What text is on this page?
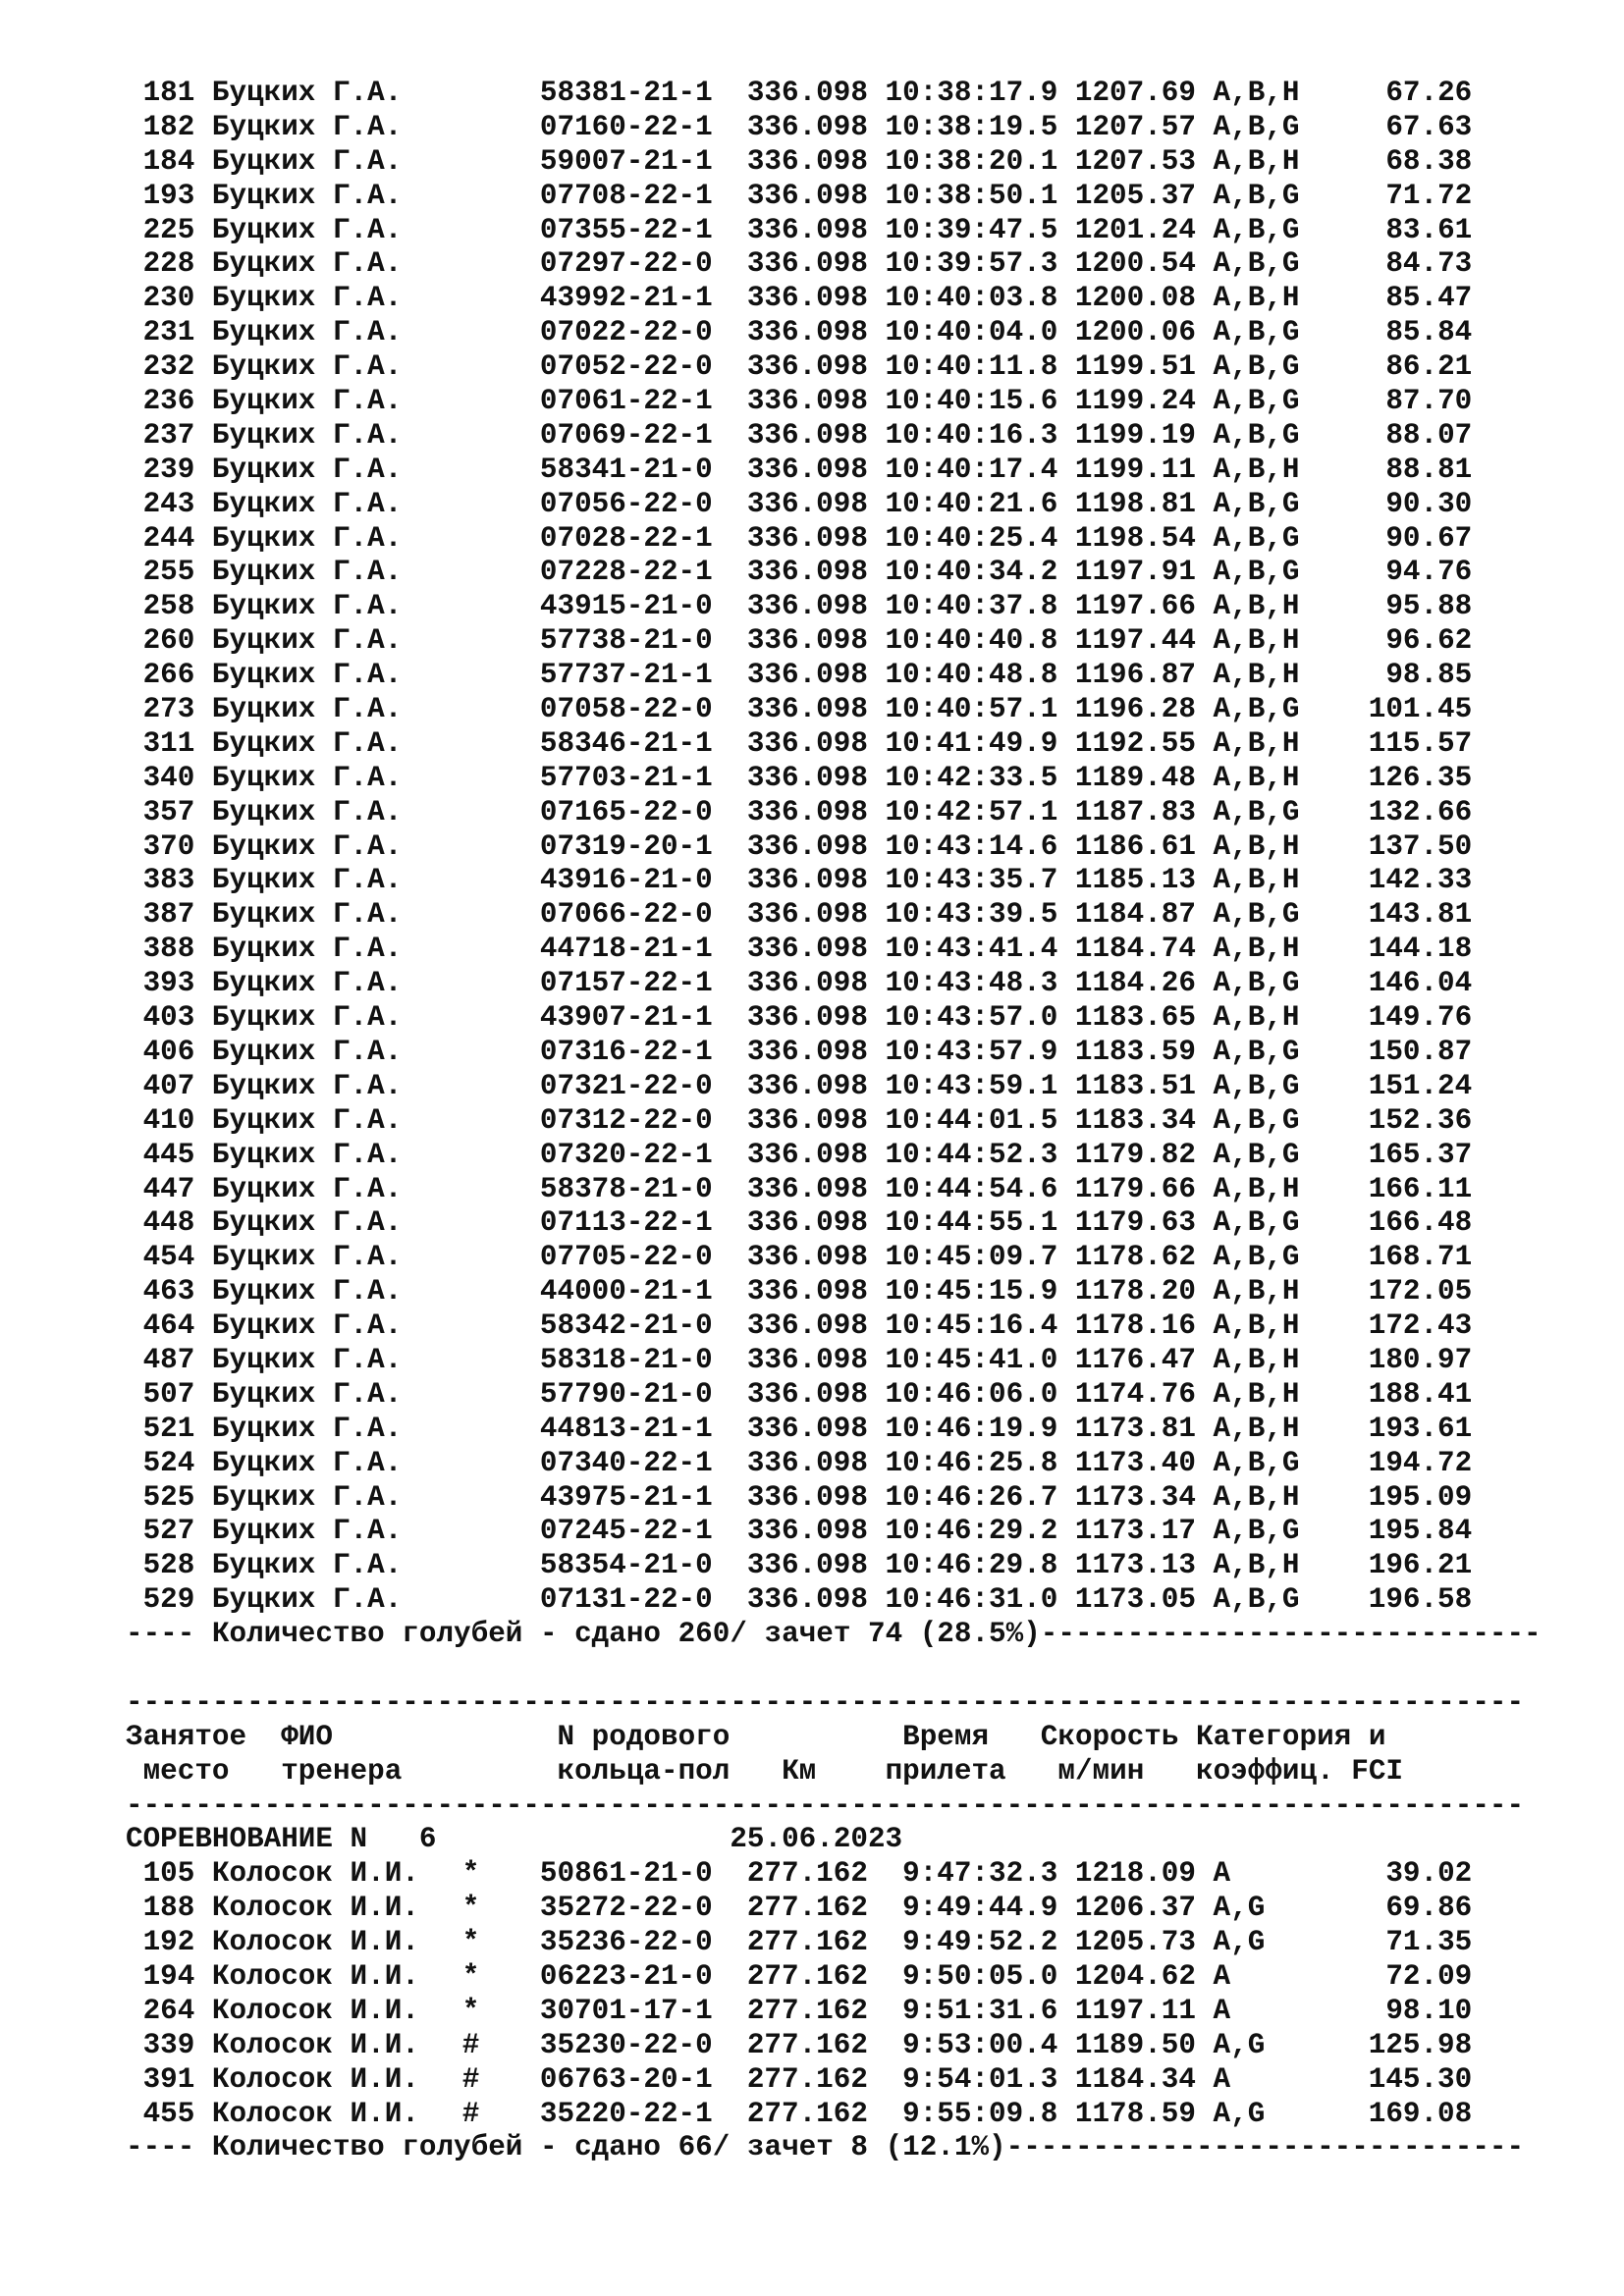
181 Буцких Г.А.	58381-21-1 336.098 10:38:17.9 1207.69 A,B,H	67.26
182 Буцких Г.А.	07160-22-1 336.098 10:38:19.5 1207.57 A,B,G	67.63
184 Буцких Г.А.	59007-21-1 336.098 10:38:20.1 1207.53 A,B,H	68.38
193 Буцких Г.А.	07708-22-1 336.098 10:38:50.1 1205.37 A,B,G	71.72
225 Буцких Г.А.	07355-22-1 336.098 10:39:47.5 1201.24 A,B,G	83.61
228 Буцких Г.А.	07297-22-0 336.098 10:39:57.3 1200.54 A,B,G	84.73
230 Буцких Г.А.	43992-21-1 336.098 10:40:03.8 1200.08 A,B,H	85.47
231 Буцких Г.А.	07022-22-0 336.098 10:40:04.0 1200.06 A,B,G	85.84
232 Буцких Г.А.	07052-22-0 336.098 10:40:11.8 1199.51 A,B,G	86.21
236 Буцких Г.А.	07061-22-1 336.098 10:40:15.6 1199.24 A,B,G	87.70
237 Буцких Г.А.	07069-22-1 336.098 10:40:16.3 1199.19 A,B,G	88.07
239 Буцких Г.А.	58341-21-0 336.098 10:40:17.4 1199.11 A,B,H	88.81
243 Буцких Г.А.	07056-22-0 336.098 10:40:21.6 1198.81 A,B,G	90.30
244 Буцких Г.А.	07028-22-1 336.098 10:40:25.4 1198.54 A,B,G	90.67
255 Буцких Г.А.	07228-22-1 336.098 10:40:34.2 1197.91 A,B,G	94.76
258 Буцких Г.А.	43915-21-0 336.098 10:40:37.8 1197.66 A,B,H	95.88
260 Буцких Г.А.	57738-21-0 336.098 10:40:40.8 1197.44 A,B,H	96.62
266 Буцких Г.А.	57737-21-1 336.098 10:40:48.8 1196.87 A,B,H	98.85
273 Буцких Г.А.	07058-22-0 336.098 10:40:57.1 1196.28 A,B,G 101.45
311 Буцких Г.А.	58346-21-1 336.098 10:41:49.9 1192.55 A,B,H 115.57
340 Буцких Г.А.	57703-21-1 336.098 10:42:33.5 1189.48 A,B,H 126.35
357 Буцких Г.А.	07165-22-0 336.098 10:42:57.1 1187.83 A,B,G 132.66
370 Буцких Г.А.	07319-20-1 336.098 10:43:14.6 1186.61 A,B,H 137.50
383 Буцких Г.А.	43916-21-0 336.098 10:43:35.7 1185.13 A,B,H 142.33
387 Буцких Г.А.	07066-22-0 336.098 10:43:39.5 1184.87 A,B,G 143.81
388 Буцких Г.А.	44718-21-1 336.098 10:43:41.4 1184.74 A,B,H 144.18
393 Буцких Г.А.	07157-22-1 336.098 10:43:48.3 1184.26 A,B,G 146.04
403 Буцких Г.А.	43907-21-1 336.098 10:43:57.0 1183.65 A,B,H 149.76
406 Буцких Г.А.	07316-22-1 336.098 10:43:57.9 1183.59 A,B,G 150.87
407 Буцких Г.А.	07321-22-0 336.098 10:43:59.1 1183.51 A,B,G 151.24
410 Буцких Г.А.	07312-22-0 336.098 10:44:01.5 1183.34 A,B,G 152.36
445 Буцких Г.А.	07320-22-1 336.098 10:44:52.3 1179.82 A,B,G 165.37
447 Буцких Г.А.	58378-21-0 336.098 10:44:54.6 1179.66 A,B,H 166.11
448 Буцких Г.А.	07113-22-1 336.098 10:44:55.1 1179.63 A,B,G 166.48
454 Буцких Г.А.	07705-22-0 336.098 10:45:09.7 1178.62 A,B,G 168.71
463 Буцких Г.А.	44000-21-1 336.098 10:45:15.9 1178.20 A,B,H 172.05
464 Буцких Г.А.	58342-21-0 336.098 10:45:16.4 1178.16 A,B,H 172.43
487 Буцких Г.А.	58318-21-0 336.098 10:45:41.0 1176.47 A,B,H 180.97
507 Буцких Г.А.	57790-21-0 336.098 10:46:06.0 1174.76 A,B,H 188.41
521 Буцких Г.А.	44813-21-1 336.098 10:46:19.9 1173.81 A,B,H 193.61
524 Буцких Г.А.	07340-22-1 336.098 10:46:25.8 1173.40 A,B,G 194.72
525 Буцких Г.А.	43975-21-1 336.098 10:46:26.7 1173.34 A,B,H 195.09
527 Буцких Г.А.	07245-22-1 336.098 10:46:29.2 1173.17 A,B,G 195.84
528 Буцких Г.А.	58354-21-0 336.098 10:46:29.8 1173.13 A,B,H 196.21
529 Буцких Г.А.	07131-22-0 336.098 10:46:31.0 1173.05 A,B,G 196.58
---- Количество голубей - сдано 260/ зачет 74 (28.5%)-----------------------------

---------------------------------------------------------------------------------
Занятое  ФИО             N родового          Время   Скорость Категория и
место   тренера         кольца-пол   Км    прилета   м/мин   коэффиц. FCI
---------------------------------------------------------------------------------
СОРЕВНОВАНИЕ N   6	25.06.2023
105 Колосок И.И. * 50861-21-0 277.162 9:47:32.3 1218.09 A	39.02
188 Колосок И.И. * 35272-22-0 277.162 9:49:44.9 1206.37 A,G	69.86
192 Колосок И.И. * 35236-22-0 277.162 9:49:52.2 1205.73 A,G	71.35
194 Колосок И.И. * 06223-21-0 277.162 9:50:05.0 1204.62 A	72.09
264 Колосок И.И. * 30701-17-1 277.162 9:51:31.6 1197.11 A	98.10
339 Колосок И.И. # 35230-22-0 277.162 9:53:00.4 1189.50 A,G	125.98
391 Колосок И.И. # 06763-20-1 277.162 9:54:01.3 1184.34 A	145.30
455 Колосок И.И. # 35220-22-1 277.162 9:55:09.8 1178.59 A,G	169.08
---- Количество голубей - сдано 66/ зачет 8 (12.1%)------------------------------
